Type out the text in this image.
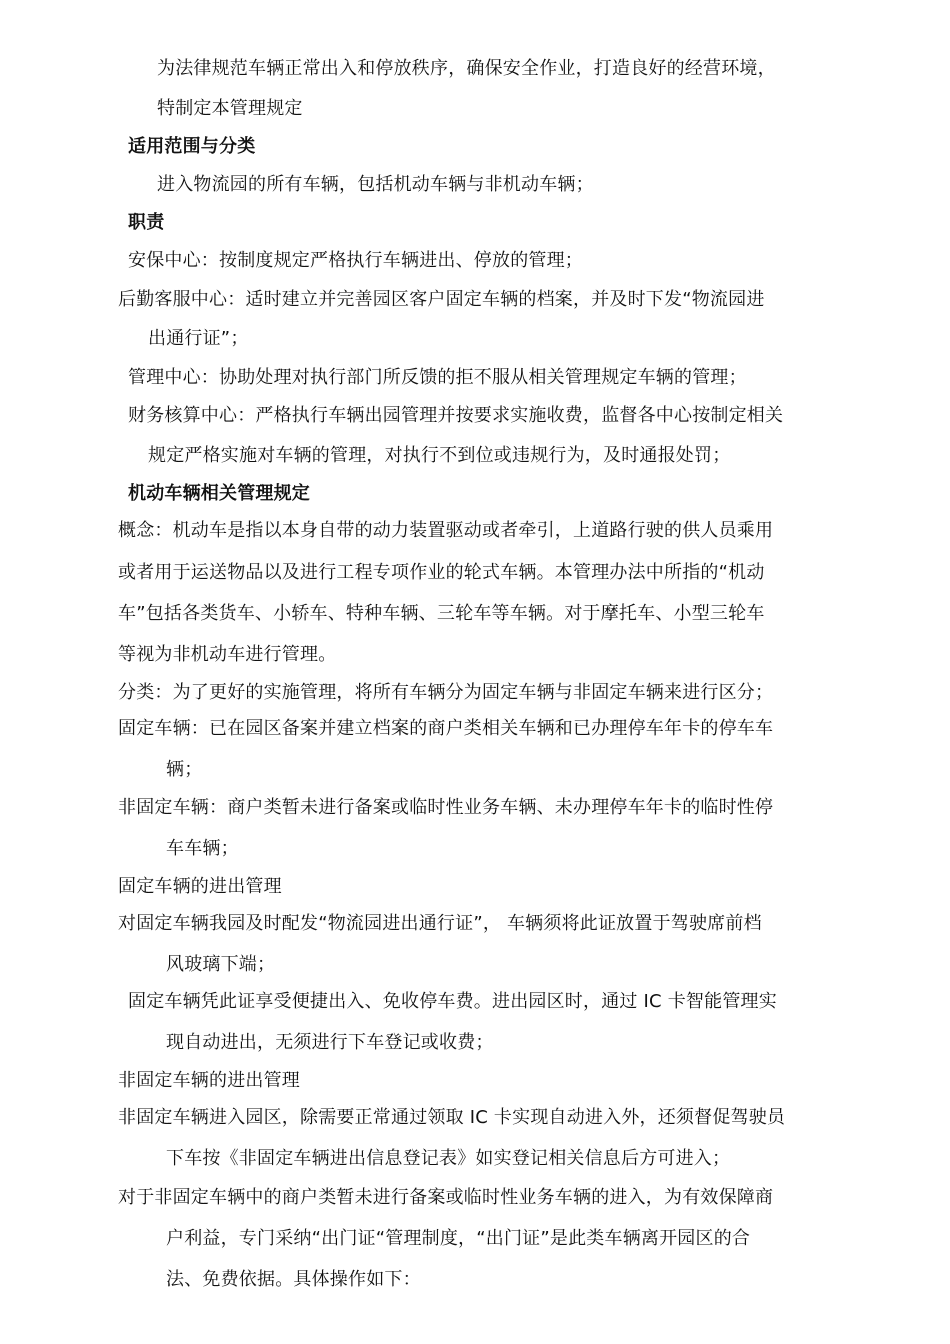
为法律规范车辆正常出入和停放秩序，确保安全作业，打造良好的经营环境，
特制定本管理规定
适用范围与分类
进入物流园的所有车辆，包括机动车辆与非机动车辆；
职责
安保中心：按制度规定严格执行车辆进出、停放的管理；
后勤客服中心：适时建立并完善园区客户固定车辆的档案，并及时下发“物流园进
出通行证”；
管理中心：协助处理对执行部门所反馈的拒不服从相关管理规定车辆的管理；
财务核算中心：严格执行车辆出园管理并按要求实施收费，监督各中心按制定相关
规定严格实施对车辆的管理，对执行不到位或违规行为，及时通报处罚；
机动车辆相关管理规定
概念：机动车是指以本身自带的动力装置驱动或者牵引，上道路行驶的供人员乘用
或者用于运送物品以及进行工程专项作业的轮式车辆。本管理办法中所指的“机动
车”包括各类货车、小轿车、特种车辆、三轮车等车辆。对于摩托车、小型三轮车
等视为非机动车进行管理。
分类：为了更好的实施管理，将所有车辆分为固定车辆与非固定车辆来进行区分；
固定车辆：已在园区备案并建立档案的商户类相关车辆和已办理停车年卡的停车车
辆；
非固定车辆：商户类暂未进行备案或临时性业务车辆、未办理停车年卡的临时性停
车车辆；
固定车辆的进出管理
对固定车辆我园及时配发“物流园进出通行证”， 车辆须将此证放置于驾驶席前档
风玻璃下端；
固定车辆凭此证享受便捷出入、免收停车费。进出园区时，通过 IC 卡智能管理实
现自动进出，无须进行下车登记或收费；
非固定车辆的进出管理
非固定车辆进入园区，除需要正常通过领取 IC 卡实现自动进入外，还须督促驾驶员
下车按《非固定车辆进出信息登记表》如实登记相关信息后方可进入；
对于非固定车辆中的商户类暂未进行备案或临时性业务车辆的进入，为有效保障商
户利益，专门采纳“出门证“管理制度，“出门证”是此类车辆离开园区的合
法、免费依据。具体操作如下：
